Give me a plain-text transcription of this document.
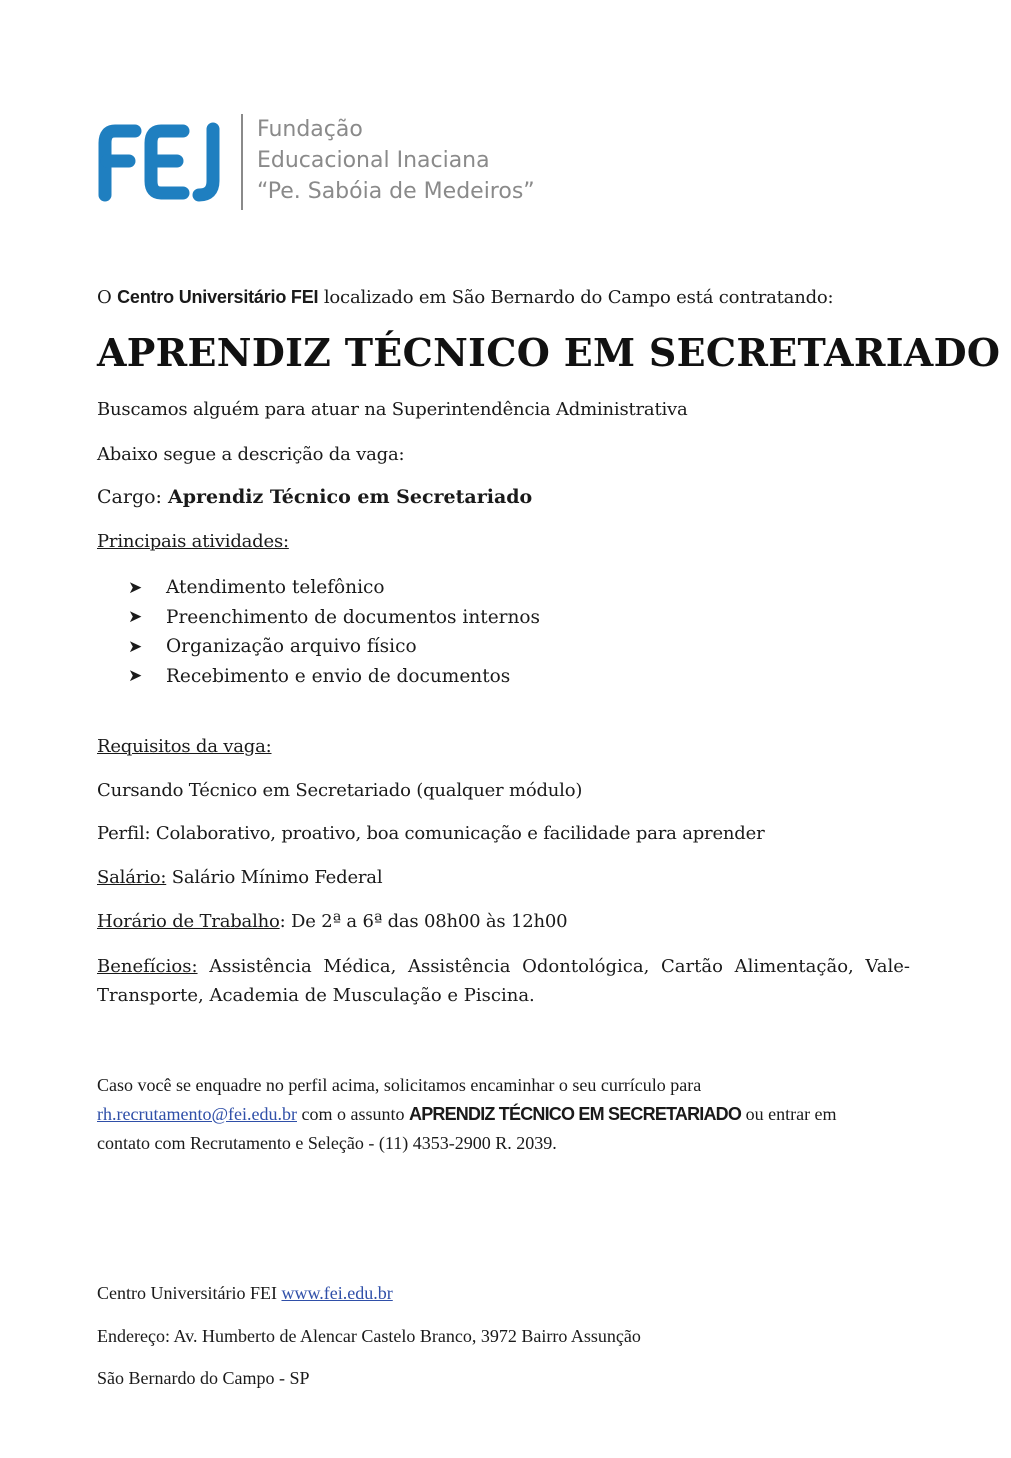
Fundação
Educacional Inaciana
“Pe. Sabóia de Medeiros”
O Centro Universitário FEI localizado em São Bernardo do Campo está contratando:
APRENDIZ TÉCNICO EM SECRETARIADO
Buscamos alguém para atuar na Superintendência Administrativa
Abaixo segue a descrição da vaga:
Cargo: Aprendiz Técnico em Secretariado
Principais atividades:
➤	Atendimento telefônico
➤	Preenchimento de documentos internos
➤	Organização arquivo físico
➤	Recebimento e envio de documentos
Requisitos da vaga:
Cursando Técnico em Secretariado (qualquer módulo)
Perfil: Colaborativo, proativo, boa comunicação e facilidade para aprender
Salário: Salário Mínimo Federal
Horário de Trabalho: De 2ª a 6ª das 08h00 às 12h00
Benefícios: Assistência Médica, Assistência Odontológica, Cartão Alimentação, Vale-Transporte, Academia de Musculação e Piscina.
Caso você se enquadre no perfil acima, solicitamos encaminhar o seu currículo para rh.recrutamento@fei.edu.br com o assunto APRENDIZ TÉCNICO EM SECRETARIADO ou entrar em contato com Recrutamento e Seleção - (11) 4353-2900 R. 2039.
Centro Universitário FEI www.fei.edu.br
Endereço: Av. Humberto de Alencar Castelo Branco, 3972 Bairro Assunção
São Bernardo do Campo - SP
